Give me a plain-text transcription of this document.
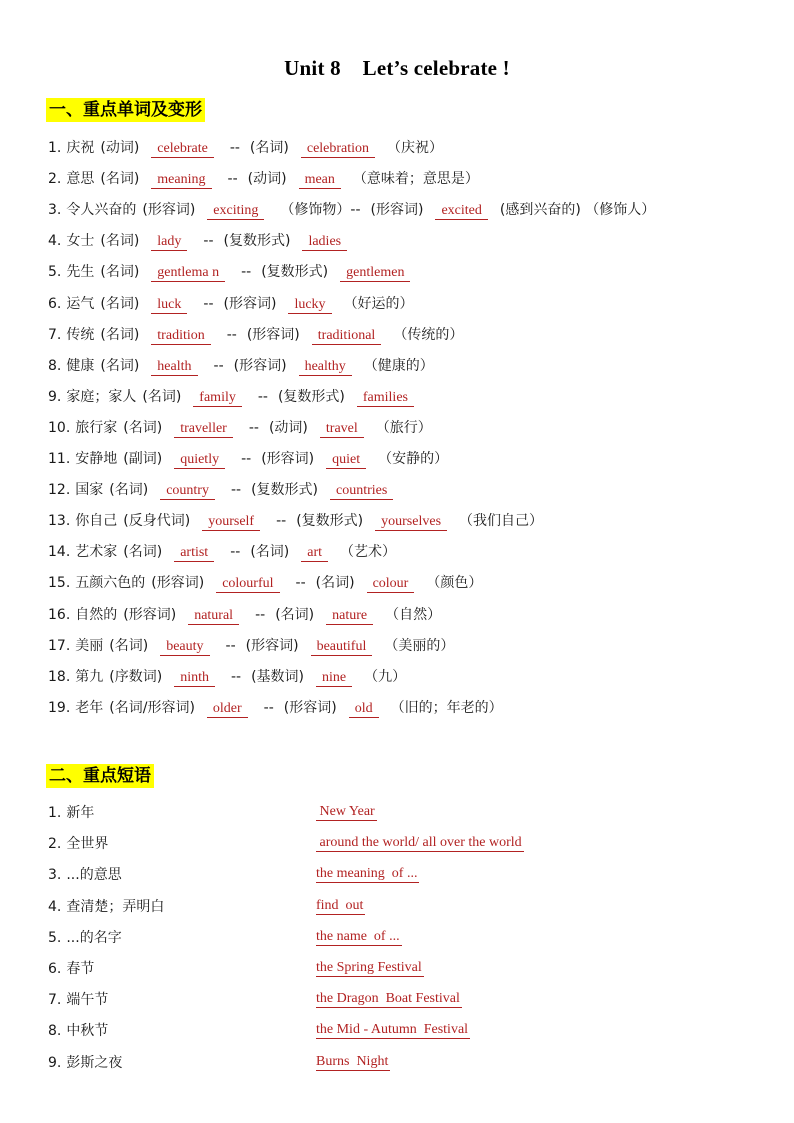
Unit 8 Let’s celebrate !
一、重点单词及变形
1. 庆祝 (动词) celebrate -- (名词) celebration （庆祝）
2. 意思 (名词) meaning -- (动词) mean （意味着；意思是）
3. 令人兴奋的 (形容词) exciting （修饰物）-- (形容词) excited (感到兴奋的) （修饰人）
4. 女士 (名词) lady -- (复数形式) ladies
5. 先生 (名词) gentlema n -- (复数形式) gentlemen
6. 运气 (名词) luck -- (形容词) lucky （好运的）
7. 传统 (名词) tradition -- (形容词) traditional （传统的）
8. 健康 (名词) health -- (形容词) healthy （健康的）
9. 家庭；家人 (名词) family -- (复数形式) families
10. 旅行家 (名词) traveller -- (动词) travel （旅行）
11. 安静地 (副词) quietly -- (形容词) quiet （安静的）
12. 国家 (名词) country -- (复数形式) countries
13. 你自己 (反身代词) yourself -- (复数形式) yourselves （我们自己）
14. 艺术家 (名词) artist -- (名词) art （艺术）
15. 五颜六色的 (形容词) colourful -- (名词) colour （颜色）
16. 自然的 (形容词) natural -- (名词) nature （自然）
17. 美丽 (名词) beauty -- (形容词) beautiful （美丽的）
18. 第九 (序数词) ninth -- (基数词) nine （九）
19. 老年 (名词/形容词) older -- (形容词) old （旧的；年老的）
二、重点短语
1. 新年	New Year
2. 全世界	around the world/ all over the world
3. ...的意思	the meaning  of ...
4. 查清楚；弄明白	find  out
5. ...的名字	the name  of ...
6. 春节	the Spring Festival
7. 端午节	the Dragon  Boat Festival
8. 中秋节	the Mid - Autumn  Festival
9. 彭斯之夜	Burns  Night
